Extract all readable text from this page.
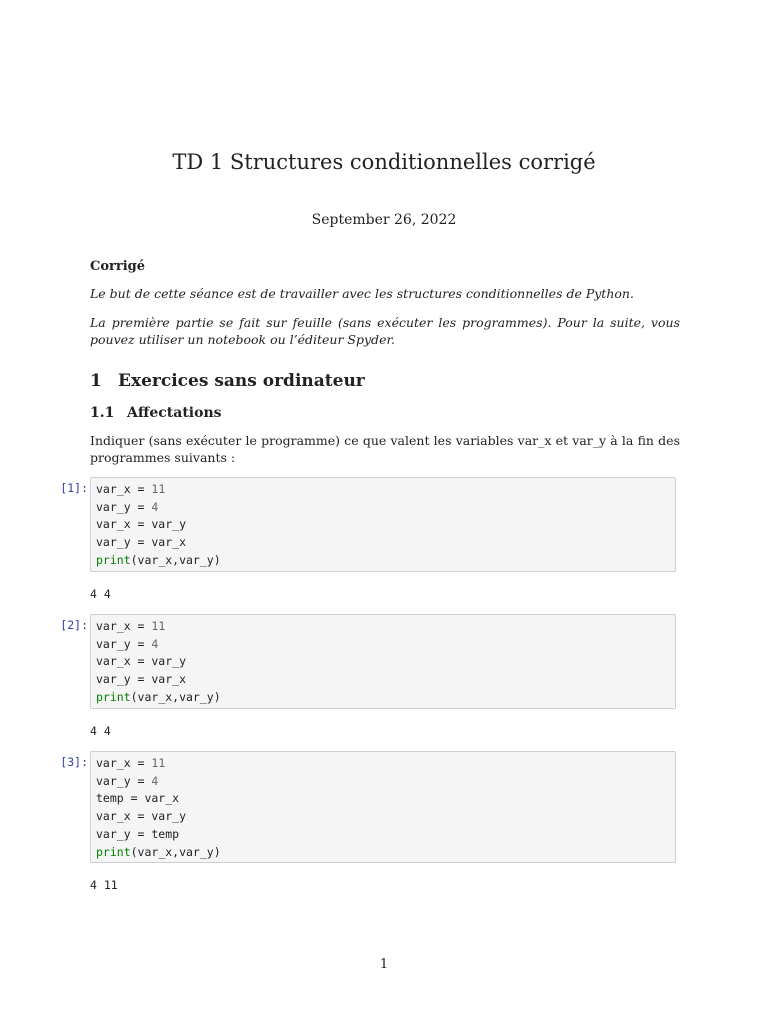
TD 1 Structures conditionnelles corrigé
September 26, 2022
Corrigé
Le but de cette séance est de travailler avec les structures conditionnelles de Python.
La première partie se fait sur feuille (sans exécuter les programmes). Pour la suite, vous pouvez utiliser un notebook ou l’éditeur Spyder.
1 Exercices sans ordinateur
1.1 Affectations
Indiquer (sans exécuter le programme) ce que valent les variables var_x et var_y à la fin des programmes suivants :
[1]: var_x = 11
var_y = 4
var_x = var_y
var_y = var_x
print(var_x,var_y)
4 4
[2]: var_x = 11
var_y = 4
var_x = var_y
var_y = var_x
print(var_x,var_y)
4 4
[3]: var_x = 11
var_y = 4
temp = var_x
var_x = var_y
var_y = temp
print(var_x,var_y)
4 11
1
